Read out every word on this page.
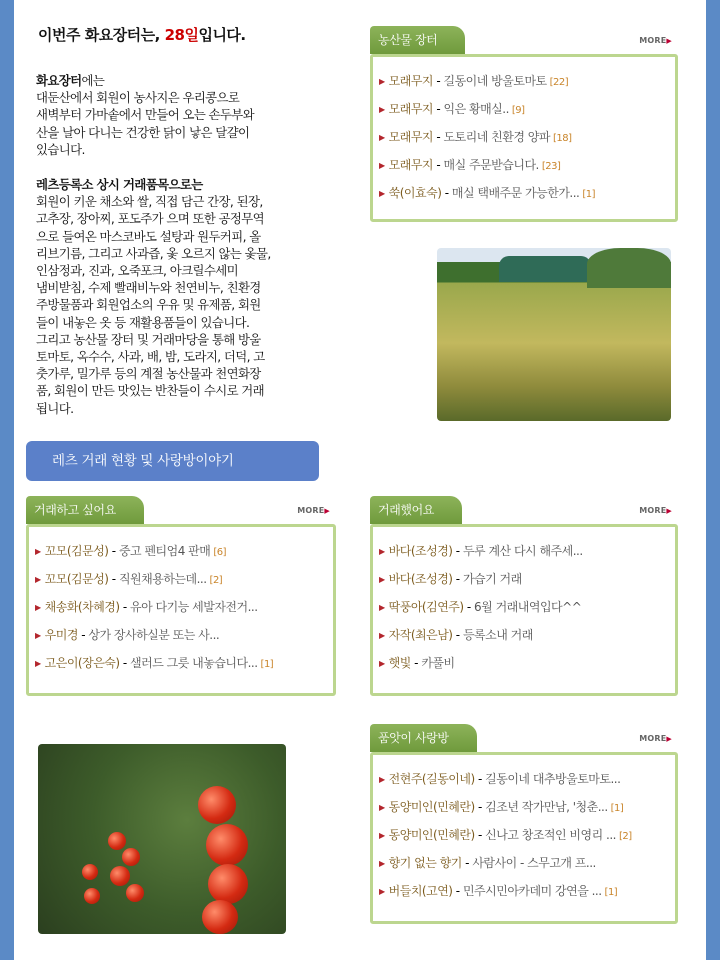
이번주 화요장터는, 28일입니다.
화요장터에는
대둔산에서 회원이 농사지은 우리콩으로
새벽부터 가마솥에서 만들어 오는 손두부와
산을 날아 다니는 건강한 닭이 낳은 달걀이
있습니다.
레츠등록소 상시 거래품목으로는
회원이 키운 채소와 쌀, 직접 담근 간장, 된장,
고추장, 장아찌, 포도주가 으며 또한 공정무역
으로 들여온 마스코바도 설탕과 원두커피, 올
리브기름, 그리고 사과즙, 옻 오르지 않는 옻물,
인삼정과, 진과, 오죽포크, 아크릴수세미
냄비받침, 수제 빨래비누와 천연비누, 친환경
주방물품과 회원업소의 우유 및 유제품, 회원
들이 내놓은 옷 등 재활용품들이 있습니다.
그리고 농산물 장터 및 거래마당을 통해 방울
토마토, 옥수수, 사과, 배, 밤, 도라지, 더덕, 고
춧가루, 밀가루 등의 계절 농산물과 천연화장
품, 회원이 만든 맛있는 반찬들이 수시로 거래
됩니다.
레츠 거래 현황 및 사랑방이야기
농산물 장터	MORE▶
▶ 모래무지 - 길동이네 방울토마토 [22]
▶ 모래무지 - 익은 황매실.. [9]
▶ 모래무지 - 도토리네 친환경 양파 [18]
▶ 모래무지 - 매실 주문받습니다. [23]
▶ 쑥(이효숙) - 매실 택배주문 가능한가... [1]
거래하고 싶어요	MORE▶
▶ 꼬모(김문성) - 중고 펜티엄4 판매 [6]
▶ 꼬모(김문성) - 직원채용하는데... [2]
▶ 채송화(차혜경) - 유아 다기능 세발자전거...
▶ 우미경 - 상가 장사하실분 또는 사...
▶ 고은이(장은숙) - 샐러드 그릇 내놓습니다... [1]
거래했어요	MORE▶
▶ 바다(조성경) - 두루 계산 다시 해주세...
▶ 바다(조성경) - 가습기 거래
▶ 딱풍아(김연주) - 6월 거래내역입다^^
▶ 자작(최은남) - 등록소내 거래
▶ 햇빛 - 카풀비
품앗이 사랑방	MORE▶
▶ 전현주(길동이네) - 길동이네 대추방울토마토...
▶ 동양미인(민혜란) - 김조년 작가만남, '청춘... [1]
▶ 동양미인(민혜란) - 신나고 창조적인 비영리 ... [2]
▶ 향기 없는 향기 - 사람사이 - 스무고개 프...
▶ 버들치(고연) - 민주시민아카데미 강연을 ... [1]
